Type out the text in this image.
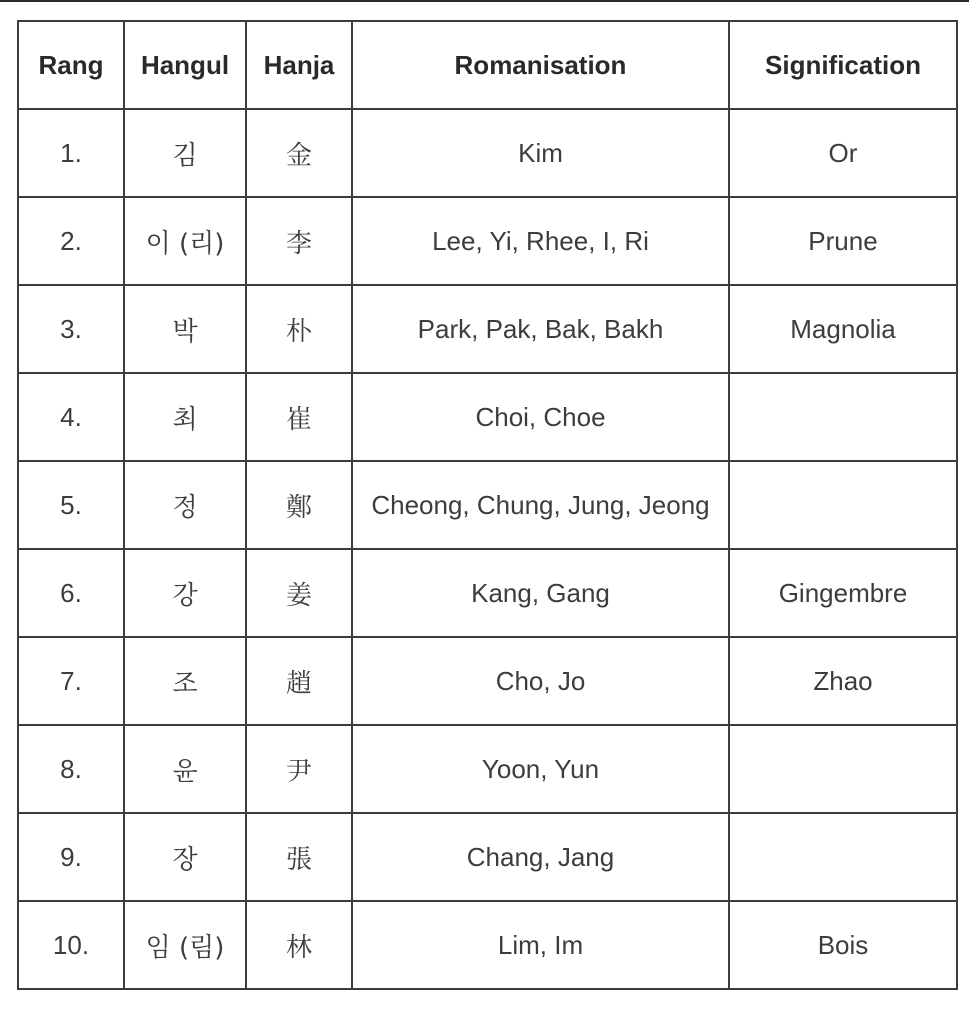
Rang	Hangul	Hanja	Romanisation	Signification
1.	김	金	Kim	Or
2.	이 (리)	李	Lee, Yi, Rhee, I, Ri	Prune
3.	박	朴	Park, Pak, Bak, Bakh	Magnolia
4.	최	崔	Choi, Choe	
5.	정	鄭	Cheong, Chung, Jung, Jeong	
6.	강	姜	Kang, Gang	Gingembre
7.	조	趙	Cho, Jo	Zhao
8.	윤	尹	Yoon, Yun	
9.	장	張	Chang, Jang	
10.	임 (림)	林	Lim, Im	Bois
